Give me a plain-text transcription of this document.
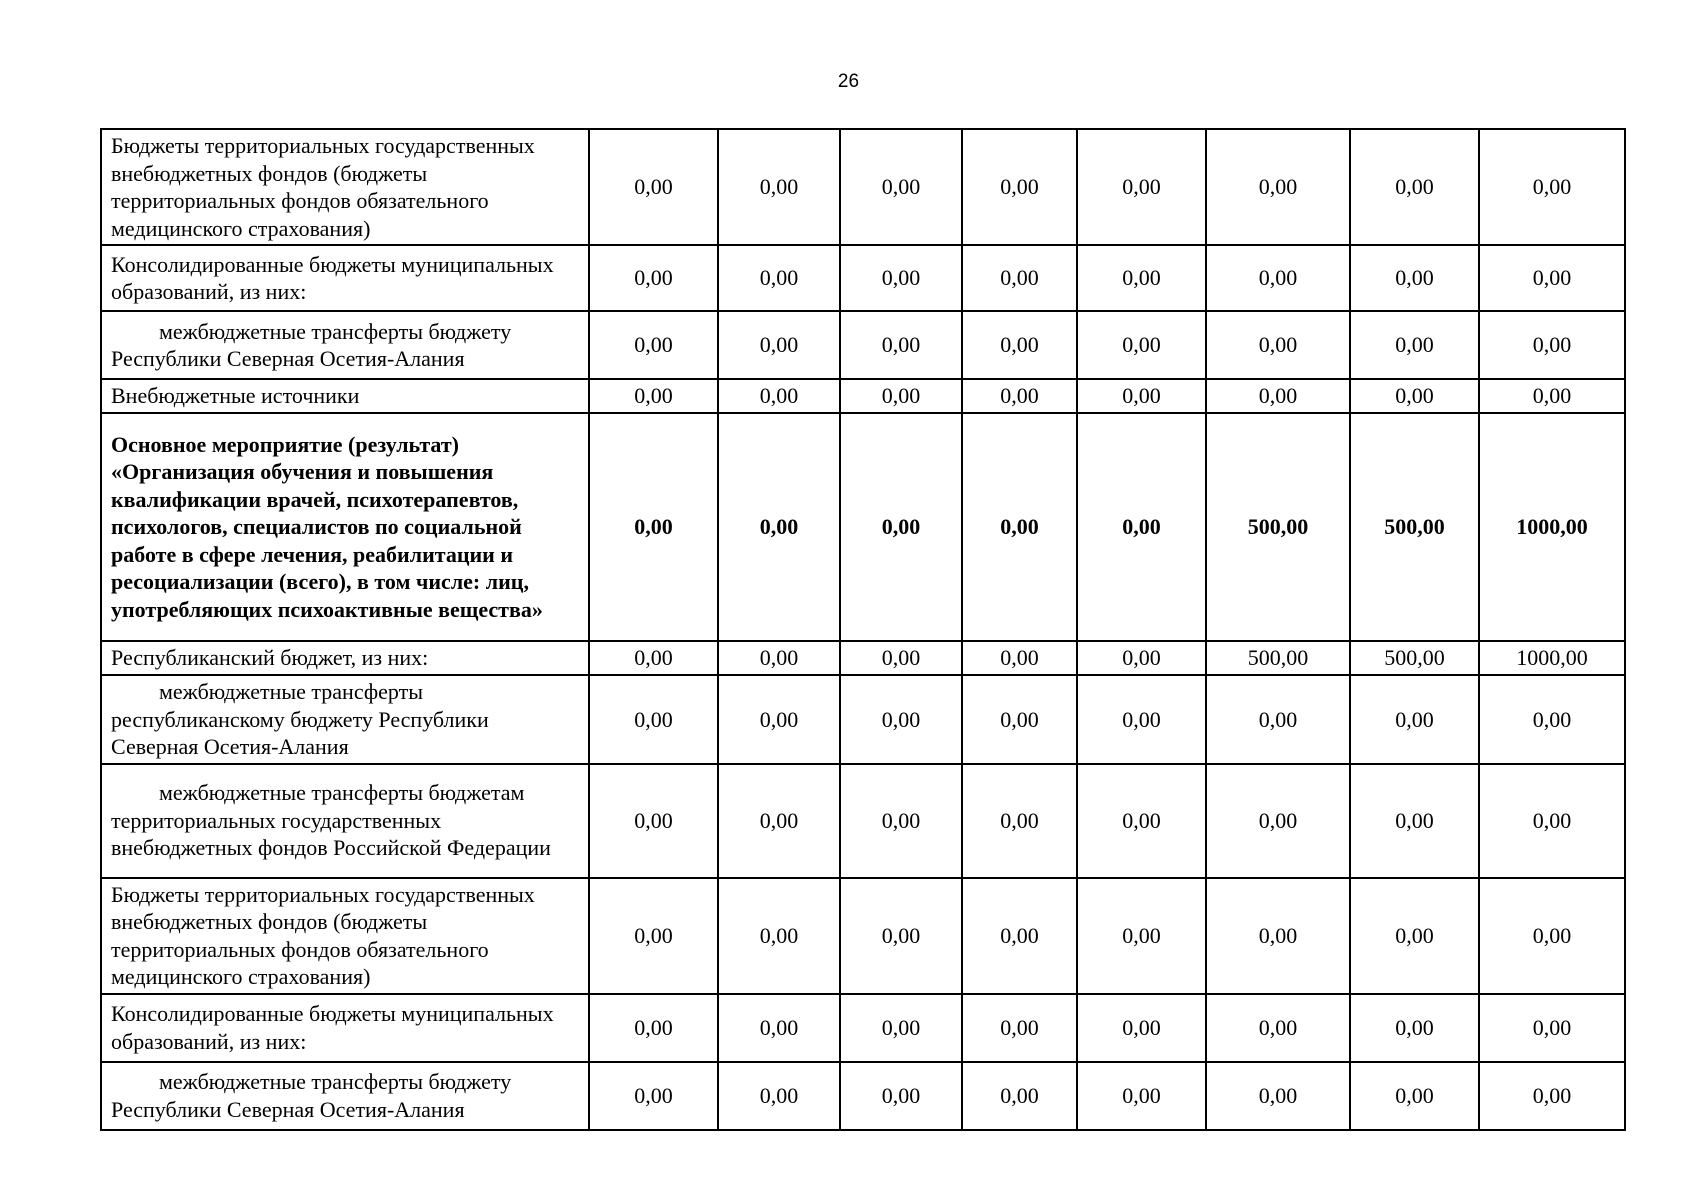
26
Бюджеты территориальных государственных внебюджетных фондов (бюджеты территориальных фондов обязательного медицинского страхования)	0,00	0,00	0,00	0,00	0,00	0,00	0,00	0,00
Консолидированные бюджеты муниципальных образований, из них:	0,00	0,00	0,00	0,00	0,00	0,00	0,00	0,00
межбюджетные трансферты бюджету Республики Северная Осетия-Алания	0,00	0,00	0,00	0,00	0,00	0,00	0,00	0,00
Внебюджетные источники	0,00	0,00	0,00	0,00	0,00	0,00	0,00	0,00
Основное мероприятие (результат) «Организация обучения и повышения квалификации врачей, психотерапевтов, психологов, специалистов по социальной работе в сфере лечения, реабилитации и ресоциализации (всего), в том числе: лиц, употребляющих психоактивные вещества»	0,00	0,00	0,00	0,00	0,00	500,00	500,00	1000,00
Республиканский бюджет, из них:	0,00	0,00	0,00	0,00	0,00	500,00	500,00	1000,00
межбюджетные трансферты республиканскому бюджету Республики Северная Осетия-Алания	0,00	0,00	0,00	0,00	0,00	0,00	0,00	0,00
межбюджетные трансферты бюджетам территориальных государственных внебюджетных фондов Российской Федерации	0,00	0,00	0,00	0,00	0,00	0,00	0,00	0,00
Бюджеты территориальных государственных внебюджетных фондов (бюджеты территориальных фондов обязательного медицинского страхования)	0,00	0,00	0,00	0,00	0,00	0,00	0,00	0,00
Консолидированные бюджеты муниципальных образований, из них:	0,00	0,00	0,00	0,00	0,00	0,00	0,00	0,00
межбюджетные трансферты бюджету Республики Северная Осетия-Алания	0,00	0,00	0,00	0,00	0,00	0,00	0,00	0,00
